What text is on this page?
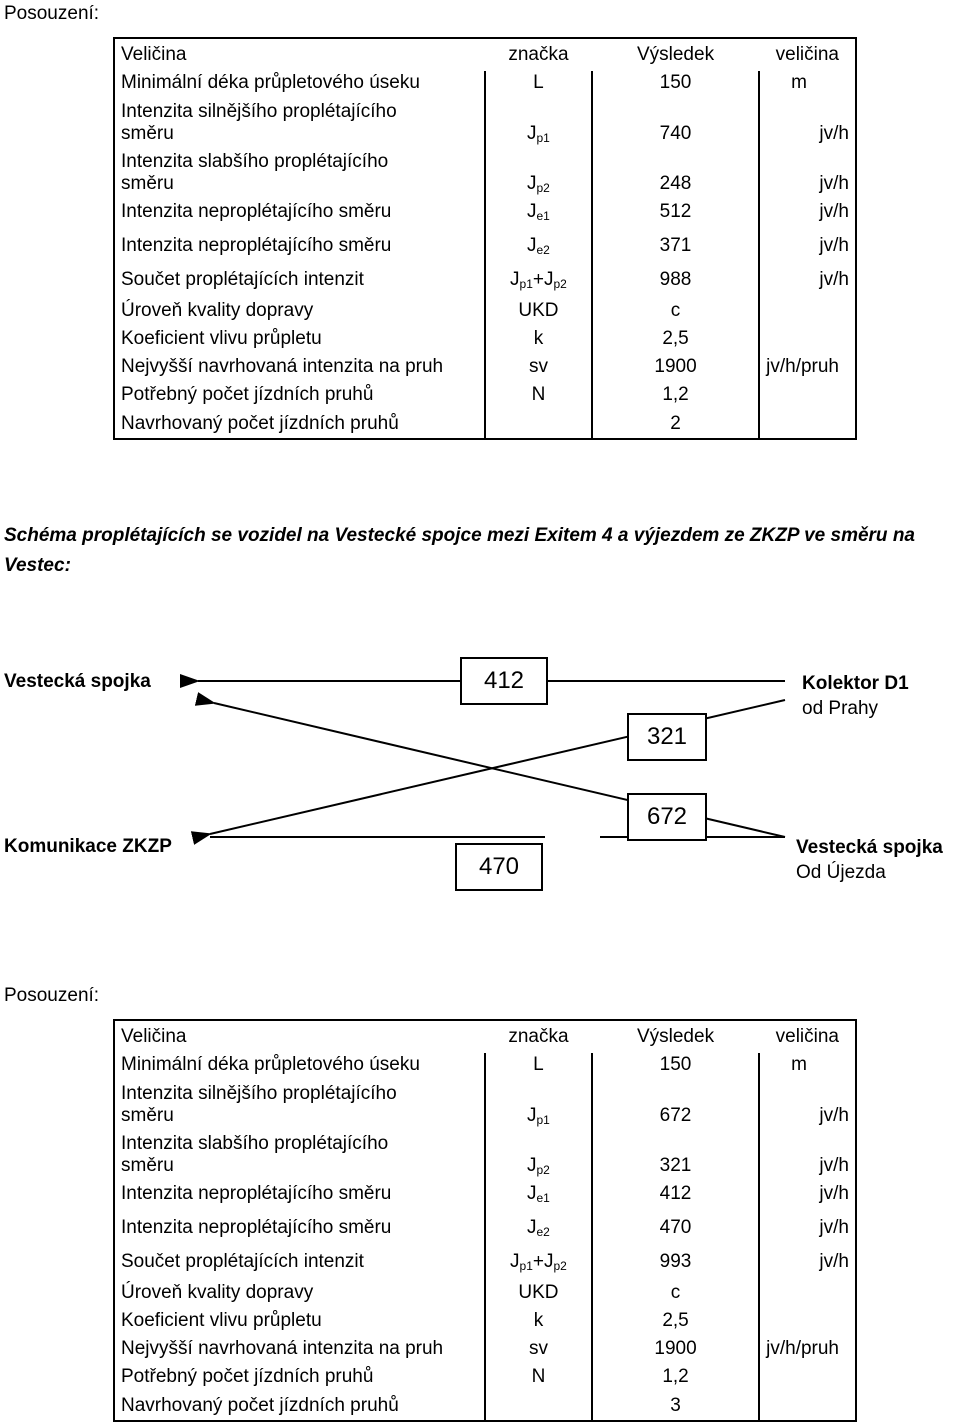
Posouzení:
Veličina	značka	Výsledek	veličina
Minimální déka průpletového úseku	L	150	m

Intenzita silnějšího proplétajícího
směru	$J_{p1}$	740	jv/h

Intenzita slabšího proplétajícího
směru	$J_{p2}$	248	jv/h
Intenzita neproplétajícího směru	$J_{e1}$	512	jv/h
Intenzita neproplétajícího směru	$J_{e2}$	371	jv/h
Součet proplétajících intenzit	$J_{p1}+J_{p2}$	988	jv/h
Úroveň kvality dopravy	UKD	c	
Koeficient vlivu průpletu	k	2,5	
Nejvyšší navrhovaná intenzita na pruh	sv	1900	jv/h/pruh
Potřebný počet jízdních pruhů	N	1,2	
Navrhovaný počet jízdních pruhů		2	
Schéma proplétajících se vozidel na Vestecké spojce mezi Exitem 4 a výjezdem ze ZKZP ve směru na Vestec:
Vestecká spojka
Komunikace ZKZP
Kolektor D1
od Prahy
Vestecká spojka
Od Újezda
412
321
672
470
Posouzení:
Veličina	značka	Výsledek	veličina
Minimální déka průpletového úseku	L	150	m

Intenzita silnějšího proplétajícího
směru	$J_{p1}$	672	jv/h

Intenzita slabšího proplétajícího
směru	$J_{p2}$	321	jv/h
Intenzita neproplétajícího směru	$J_{e1}$	412	jv/h
Intenzita neproplétajícího směru	$J_{e2}$	470	jv/h
Součet proplétajících intenzit	$J_{p1}+J_{p2}$	993	jv/h
Úroveň kvality dopravy	UKD	c	
Koeficient vlivu průpletu	k	2,5	
Nejvyšší navrhovaná intenzita na pruh	sv	1900	jv/h/pruh
Potřebný počet jízdních pruhů	N	1,2	
Navrhovaný počet jízdních pruhů		3	
